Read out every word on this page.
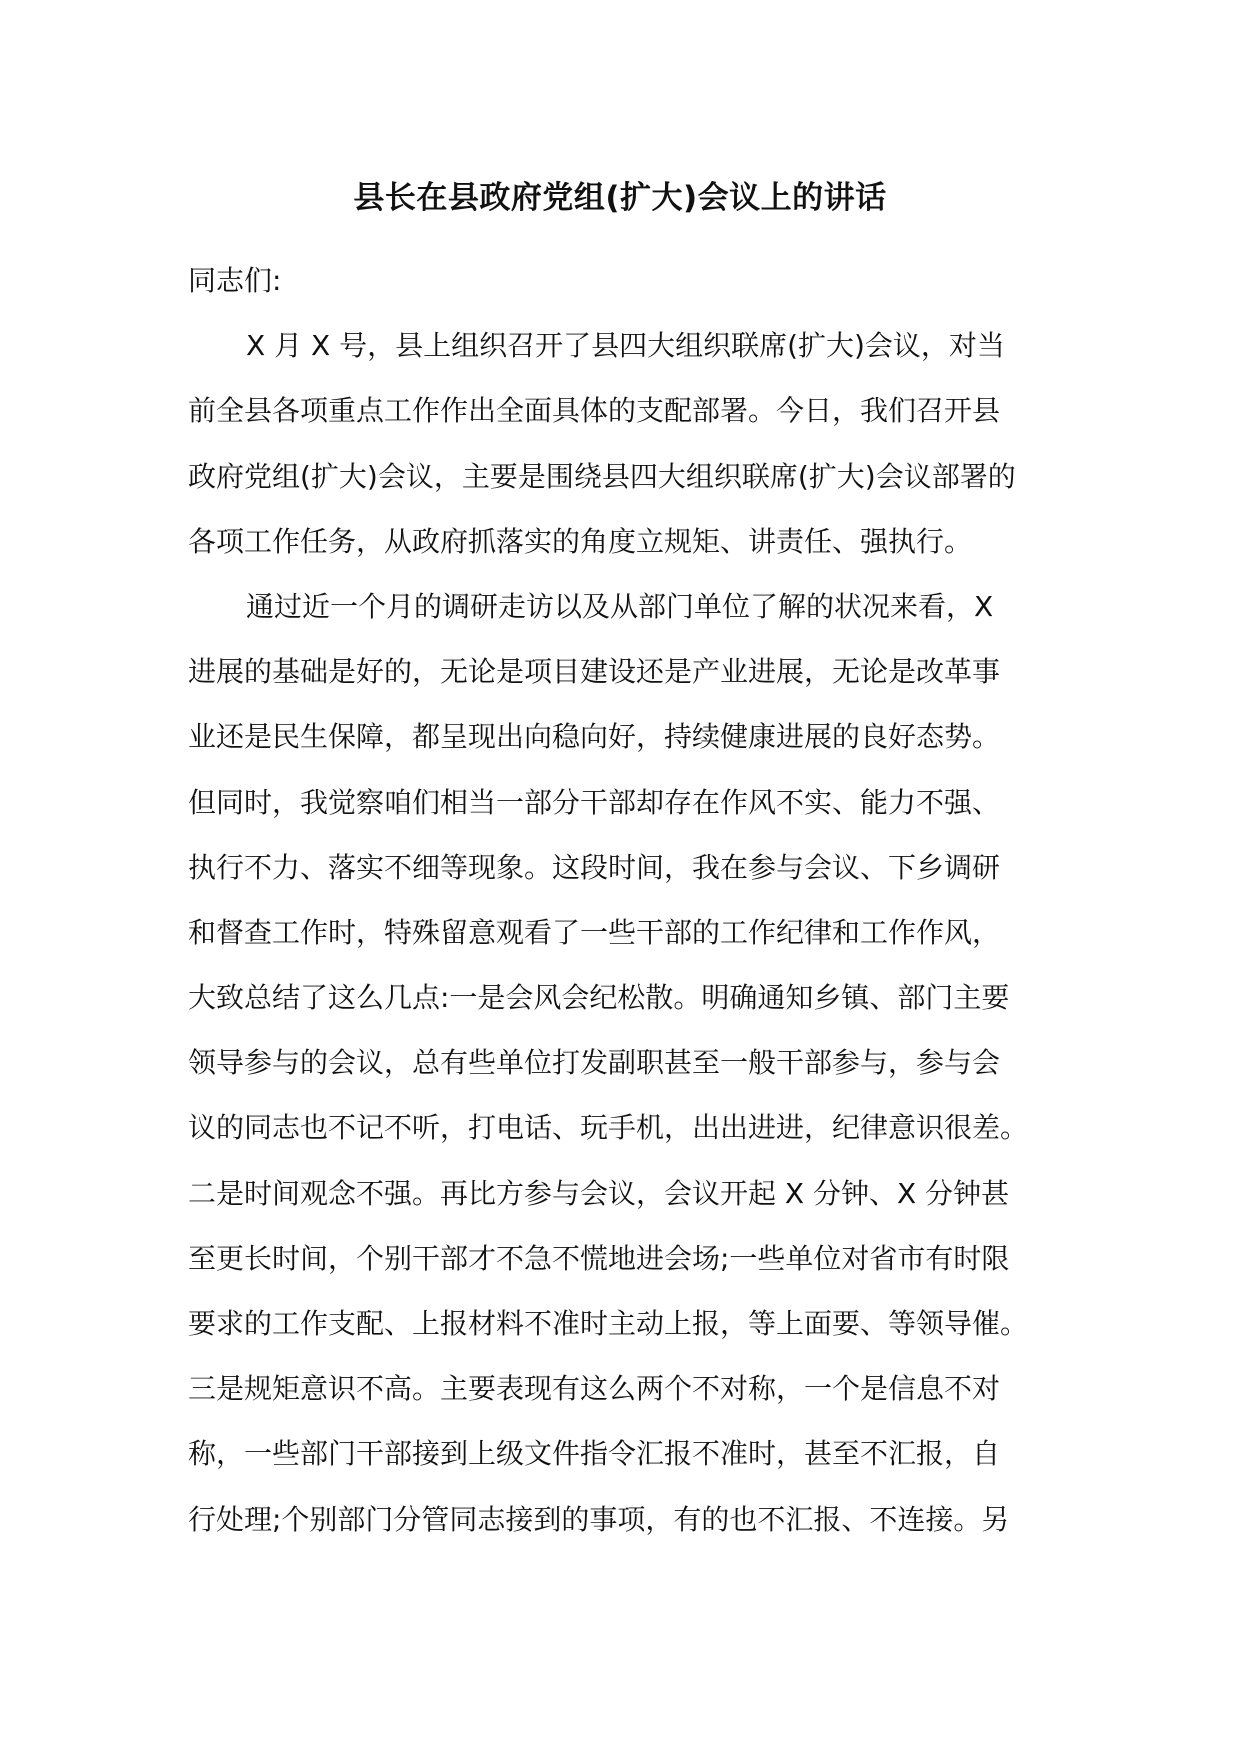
县长在县政府党组(扩大)会议上的讲话
同志们:
X 月 X 号，县上组织召开了县四大组织联席(扩大)会议，对当
前全县各项重点工作作出全面具体的支配部署。今日，我们召开县
政府党组(扩大)会议，主要是围绕县四大组织联席(扩大)会议部署的
各项工作任务，从政府抓落实的角度立规矩、讲责任、强执行。
通过近一个月的调研走访以及从部门单位了解的状况来看，X
进展的基础是好的，无论是项目建设还是产业进展，无论是改革事
业还是民生保障，都呈现出向稳向好，持续健康进展的良好态势。
但同时，我觉察咱们相当一部分干部却存在作风不实、能力不强、
执行不力、落实不细等现象。这段时间，我在参与会议、下乡调研
和督查工作时，特殊留意观看了一些干部的工作纪律和工作作风，
大致总结了这么几点:一是会风会纪松散。明确通知乡镇、部门主要
领导参与的会议，总有些单位打发副职甚至一般干部参与，参与会
议的同志也不记不听，打电话、玩手机，出出进进，纪律意识很差。
二是时间观念不强。再比方参与会议，会议开起 X 分钟、X 分钟甚
至更长时间，个别干部才不急不慌地进会场;一些单位对省市有时限
要求的工作支配、上报材料不准时主动上报，等上面要、等领导催。
三是规矩意识不高。主要表现有这么两个不对称，一个是信息不对
称，一些部门干部接到上级文件指令汇报不准时，甚至不汇报，自
行处理;个别部门分管同志接到的事项，有的也不汇报、不连接。另
